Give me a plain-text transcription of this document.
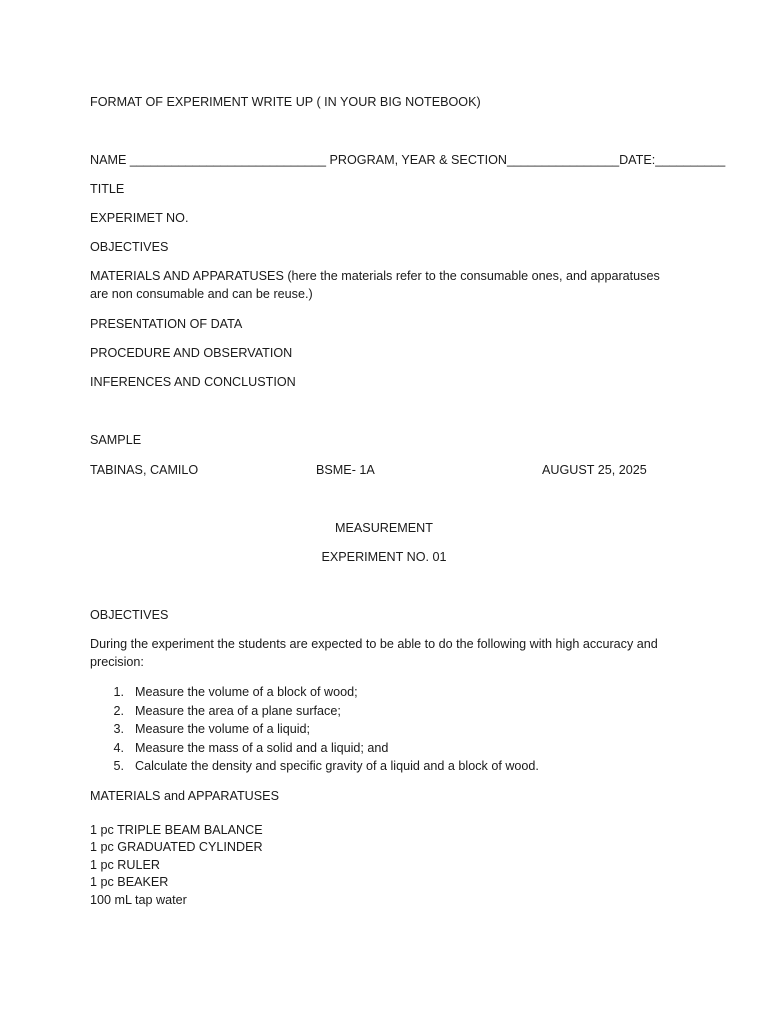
FORMAT OF EXPERIMENT WRITE UP ( IN YOUR BIG NOTEBOOK)
NAME ____________________________ PROGRAM, YEAR & SECTION________________DATE:__________
TITLE
EXPERIMET NO.
OBJECTIVES
MATERIALS AND APPARATUSES (here the materials refer to the consumable ones, and apparatuses are non consumable and can be reuse.)
PRESENTATION OF DATA
PROCEDURE AND OBSERVATION
INFERENCES AND CONCLUSTION
SAMPLE
TABINAS, CAMILO	BSME- 1A	AUGUST 25, 2025
MEASUREMENT
EXPERIMENT NO. 01
OBJECTIVES
During the experiment the students are expected to be able to do the following with high accuracy and precision:
1. Measure the volume of a block of wood;
2. Measure the area of a plane surface;
3. Measure the volume of a liquid;
4. Measure the mass of a solid and a liquid; and
5. Calculate the density and specific gravity of a liquid and a block of wood.
MATERIALS and APPARATUSES
1 pc TRIPLE BEAM BALANCE
1 pc GRADUATED CYLINDER
1 pc RULER
1 pc BEAKER
100 mL tap water
